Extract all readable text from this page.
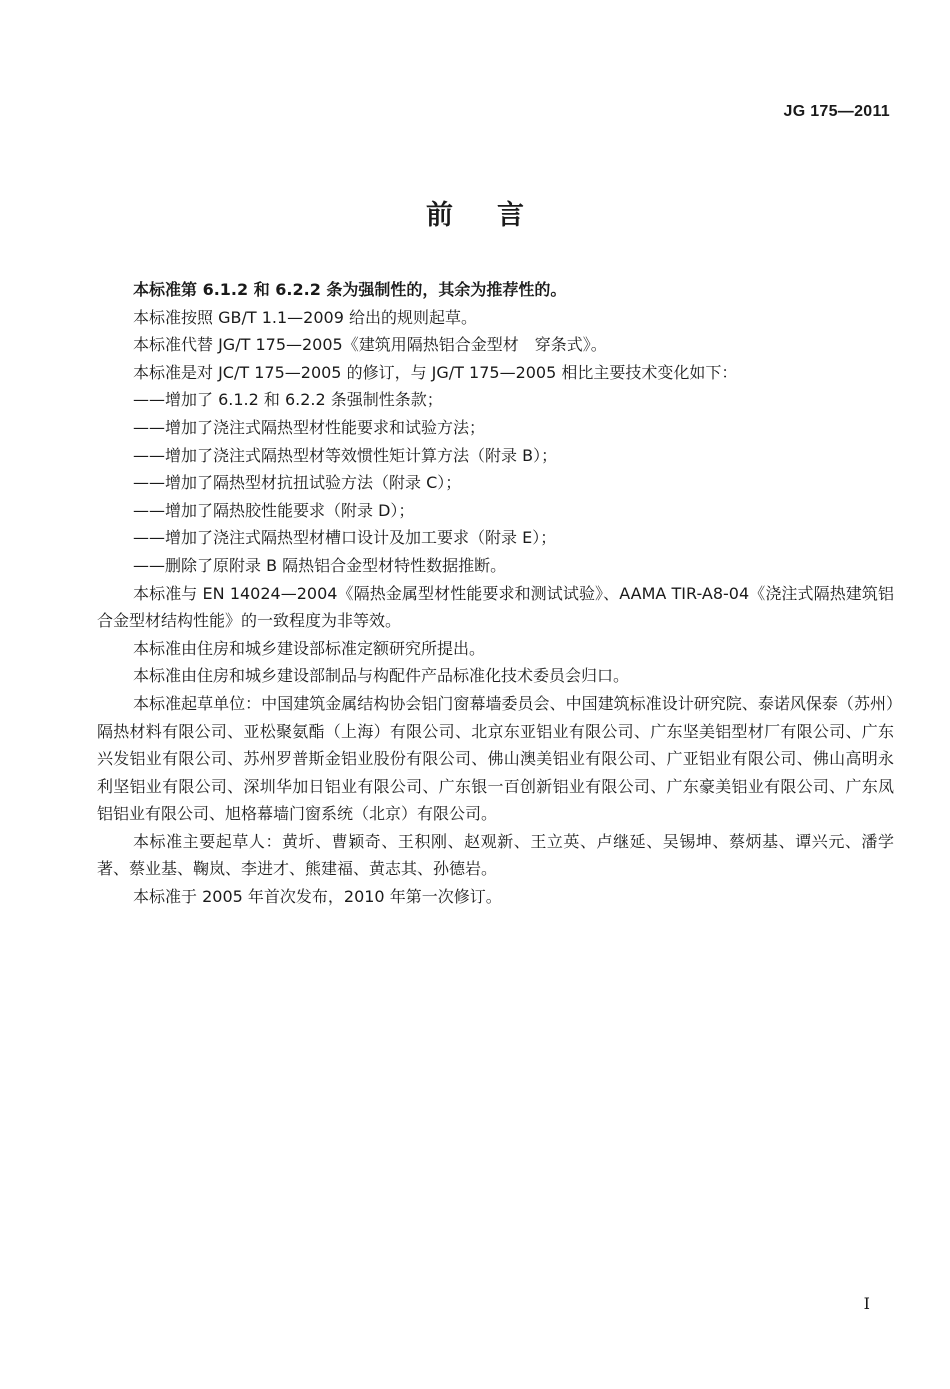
JG 175—2011
前言

本标准第 6.1.2 和 6.2.2 条为强制性的，其余为推荐性的。

本标准按照 GB/T 1.1—2009 给出的规则起草。

本标准代替 JG/T 175—2005《建筑用隔热铝合金型材　穿条式》。

本标准是对 JC/T 175—2005 的修订，与 JG/T 175—2005 相比主要技术变化如下：

——增加了 6.1.2 和 6.2.2 条强制性条款；

——增加了浇注式隔热型材性能要求和试验方法；

——增加了浇注式隔热型材等效惯性矩计算方法（附录 B）；

——增加了隔热型材抗扭试验方法（附录 C）；

——增加了隔热胶性能要求（附录 D）；

——增加了浇注式隔热型材槽口设计及加工要求（附录 E）；

——删除了原附录 B 隔热铝合金型材特性数据推断。

本标准与 EN 14024—2004《隔热金属型材性能要求和测试试验》、AAMA TIR-A8-04《浇注式隔热建筑铝合金型材结构性能》的一致程度为非等效。

本标准由住房和城乡建设部标准定额研究所提出。

本标准由住房和城乡建设部制品与构配件产品标准化技术委员会归口。

本标准起草单位：中国建筑金属结构协会铝门窗幕墙委员会、中国建筑标准设计研究院、泰诺风保泰（苏州）隔热材料有限公司、亚松聚氨酯（上海）有限公司、北京东亚铝业有限公司、广东坚美铝型材厂有限公司、广东兴发铝业有限公司、苏州罗普斯金铝业股份有限公司、佛山澳美铝业有限公司、广亚铝业有限公司、佛山高明永利坚铝业有限公司、深圳华加日铝业有限公司、广东银一百创新铝业有限公司、广东豪美铝业有限公司、广东凤铝铝业有限公司、旭格幕墙门窗系统（北京）有限公司。

本标准主要起草人：黄圻、曹颖奇、王积刚、赵观新、王立英、卢继延、吴锡坤、蔡炳基、谭兴元、潘学著、蔡业基、鞠岚、李进才、熊建福、黄志其、孙德岩。

本标准于 2005 年首次发布，2010 年第一次修订。

I
